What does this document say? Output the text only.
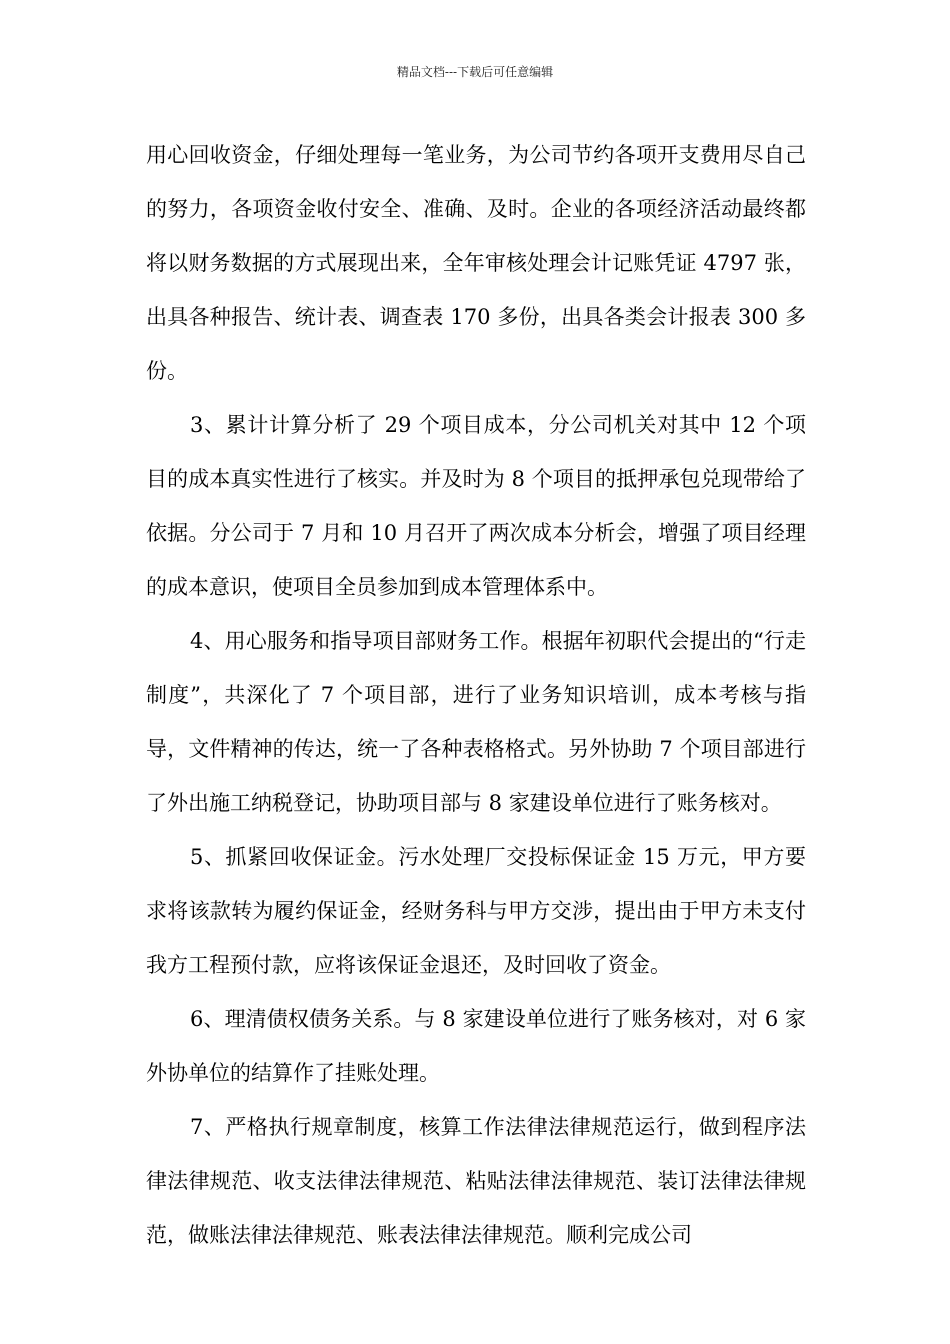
精品文档---下载后可任意编辑

用心回收资金，仔细处理每一笔业务，为公司节约各项开支费用尽自己的努力，各项资金收付安全、准确、及时。企业的各项经济活动最终都将以财务数据的方式展现出来，全年审核处理会计记账凭证 4797 张，出具各种报告、统计表、调查表 170 多份，出具各类会计报表 300 多份。

3、累计计算分析了 29 个项目成本，分公司机关对其中 12 个项目的成本真实性进行了核实。并及时为 8 个项目的抵押承包兑现带给了依据。分公司于 7 月和 10 月召开了两次成本分析会，增强了项目经理的成本意识，使项目全员参加到成本管理体系中。

4、用心服务和指导项目部财务工作。根据年初职代会提出的“行走制度”，共深化了 7 个项目部，进行了业务知识培训，成本考核与指导，文件精神的传达，统一了各种表格格式。另外协助 7 个项目部进行了外出施工纳税登记，协助项目部与 8 家建设单位进行了账务核对。

5、抓紧回收保证金。污水处理厂交投标保证金 15 万元，甲方要求将该款转为履约保证金，经财务科与甲方交涉，提出由于甲方未支付我方工程预付款，应将该保证金退还，及时回收了资金。

6、理清债权债务关系。与 8 家建设单位进行了账务核对，对 6 家外协单位的结算作了挂账处理。

7、严格执行规章制度，核算工作法律法律规范运行，做到程序法律法律规范、收支法律法律规范、粘贴法律法律规范、装订法律法律规范，做账法律法律规范、账表法律法律规范。顺利完成公司
